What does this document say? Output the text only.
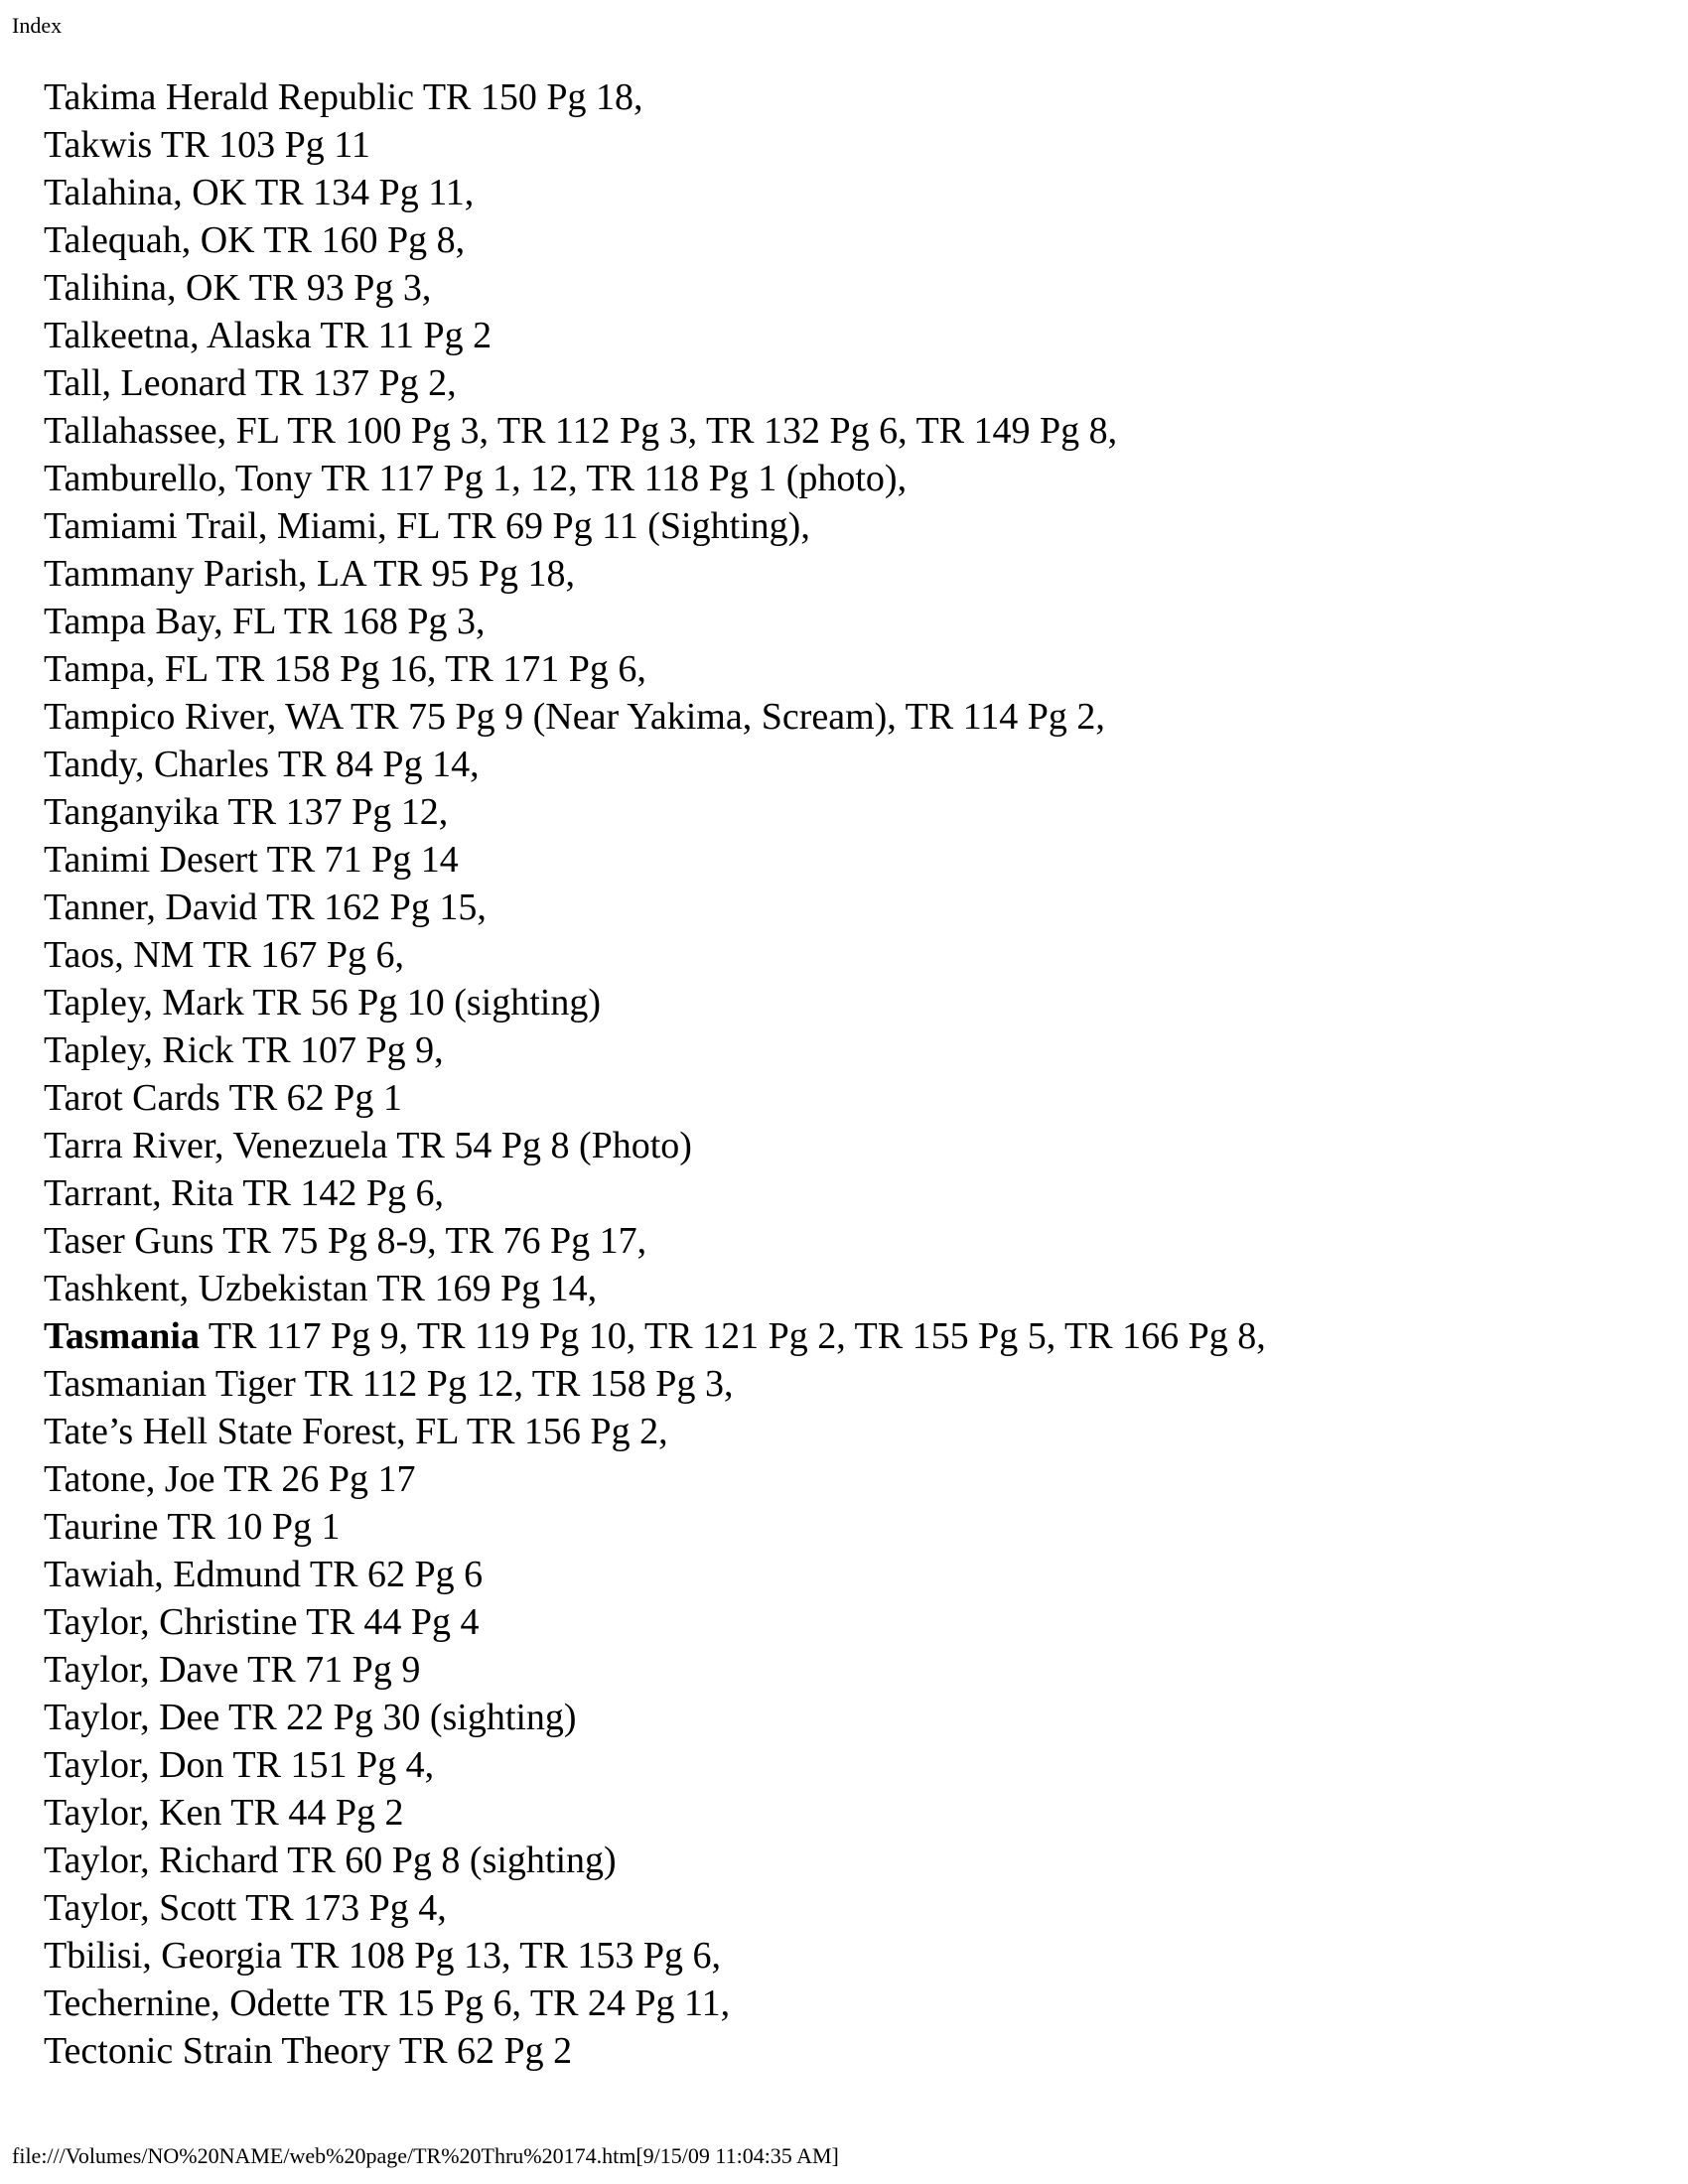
Index
Takima Herald Republic TR 150 Pg 18,
Takwis TR 103 Pg 11
Talahina, OK TR 134 Pg 11,
Talequah, OK TR 160 Pg 8,
Talihina, OK TR 93 Pg 3,
Talkeetna, Alaska TR 11 Pg 2
Tall, Leonard TR 137 Pg 2,
Tallahassee, FL TR 100 Pg 3, TR 112 Pg 3, TR 132 Pg 6, TR 149 Pg 8,
Tamburello, Tony TR 117 Pg 1, 12, TR 118 Pg 1 (photo),
Tamiami Trail, Miami, FL TR 69 Pg 11 (Sighting),
Tammany Parish, LA TR 95 Pg 18,
Tampa Bay, FL TR 168 Pg 3,
Tampa, FL TR 158 Pg 16, TR 171 Pg 6,
Tampico River, WA TR 75 Pg 9 (Near Yakima, Scream), TR 114 Pg 2,
Tandy, Charles TR 84 Pg 14,
Tanganyika TR 137 Pg 12,
Tanimi Desert TR 71 Pg 14
Tanner, David TR 162 Pg 15,
Taos, NM TR 167 Pg 6,
Tapley, Mark TR 56 Pg 10 (sighting)
Tapley, Rick TR 107 Pg 9,
Tarot Cards TR 62 Pg 1
Tarra River, Venezuela TR 54 Pg 8 (Photo)
Tarrant, Rita TR 142 Pg 6,
Taser Guns TR 75 Pg 8-9, TR 76 Pg 17,
Tashkent, Uzbekistan TR 169 Pg 14,
Tasmania TR 117 Pg 9, TR 119 Pg 10, TR 121 Pg 2, TR 155 Pg 5, TR 166 Pg 8,
Tasmanian Tiger TR 112 Pg 12, TR 158 Pg 3,
Tate’s Hell State Forest, FL TR 156 Pg 2,
Tatone, Joe TR 26 Pg 17
Taurine TR 10 Pg 1
Tawiah, Edmund TR 62 Pg 6
Taylor, Christine TR 44 Pg 4
Taylor, Dave TR 71 Pg 9
Taylor, Dee TR 22 Pg 30 (sighting)
Taylor, Don TR 151 Pg 4,
Taylor, Ken TR 44 Pg 2
Taylor, Richard TR 60 Pg 8 (sighting)
Taylor, Scott TR 173 Pg 4,
Tbilisi, Georgia TR 108 Pg 13, TR 153 Pg 6,
Techernine, Odette TR 15 Pg 6, TR 24 Pg 11,
Tectonic Strain Theory TR 62 Pg 2
file:///Volumes/NO%20NAME/web%20page/TR%20Thru%20174.htm[9/15/09 11:04:35 AM]
